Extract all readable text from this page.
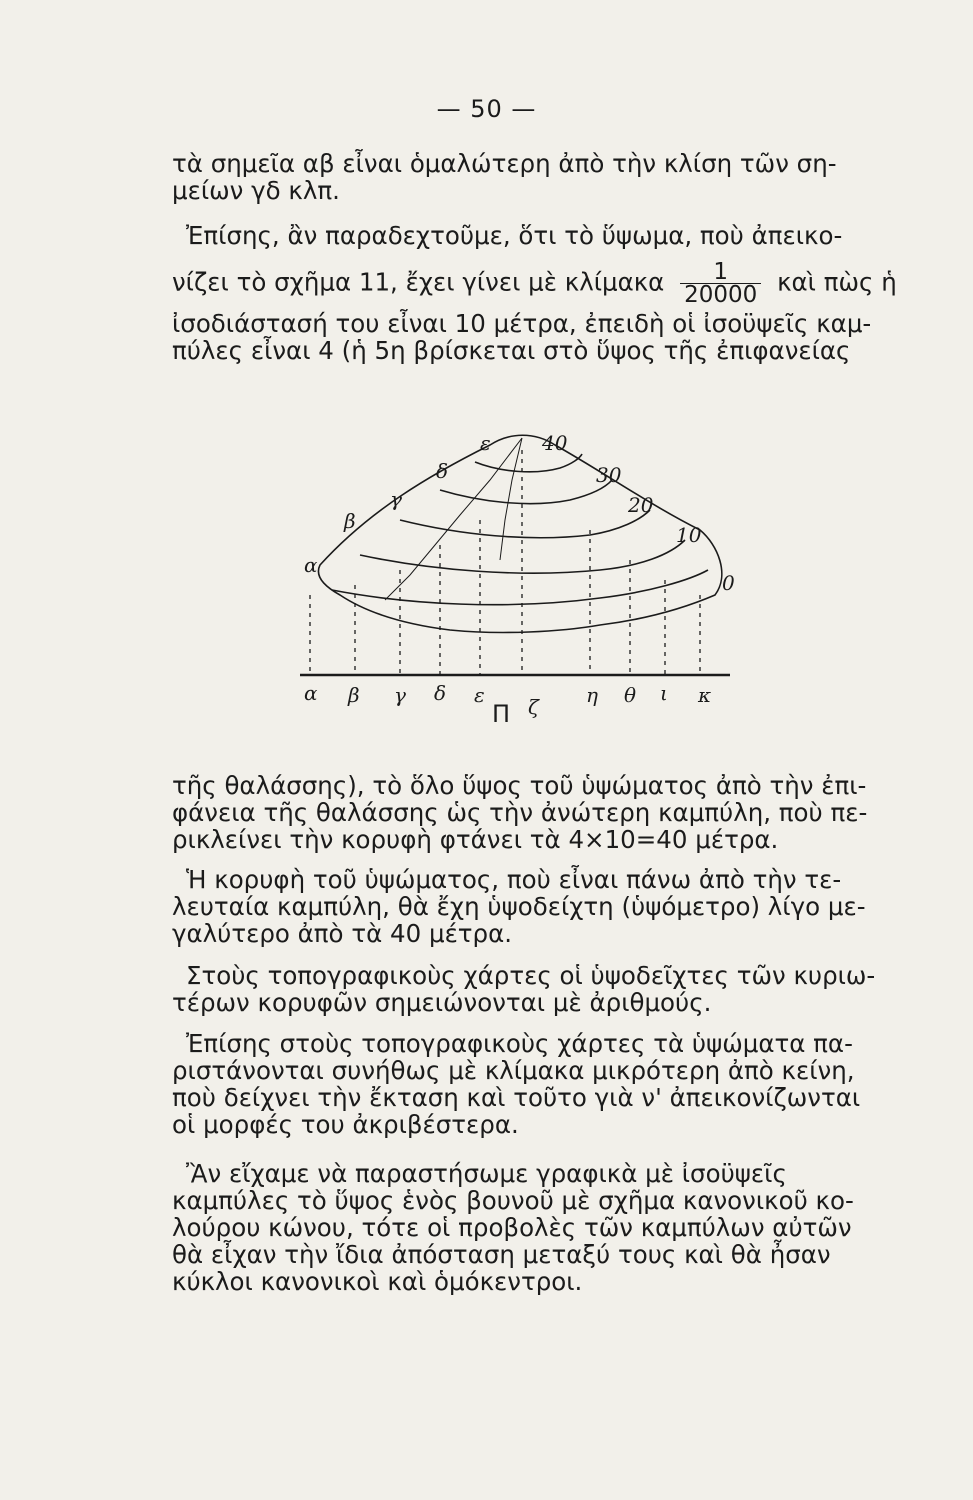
— 50 —
τὰ σημεῖα αβ εἶναι ὁμαλώτερη ἀπὸ τὴν κλίση τῶν ση-
μείων γδ κλπ.
Ἐπίσης, ἂν παραδεχτοῦμε, ὅτι τὸ ὕψωμα, ποὺ ἀπεικο-
νίζει τὸ σχῆμα 11, ἔχει γίνει μὲ κλίμακα $\frac{1}{20000}$ καὶ πὼς ἡ
ἰσοδιάστασή του εἶναι 10 μέτρα, ἐπειδὴ οἱ ἰσοϋψεῖς καμ-
πύλες εἶναι 4 (ἡ 5η βρίσκεται στὸ ὕψος τῆς ἐπιφανείας
40
30
20
10
0
ε
δ
γ
β
α
α β γ δ ε ζ η θ ι κ
Π
τῆς θαλάσσης), τὸ ὅλο ὕψος τοῦ ὑψώματος ἀπὸ τὴν ἐπι-
φάνεια τῆς θαλάσσης ὡς τὴν ἀνώτερη καμπύλη, ποὺ πε-
ρικλείνει τὴν κορυφὴ φτάνει τὰ 4×10=40 μέτρα.
Ἡ κορυφὴ τοῦ ὑψώματος, ποὺ εἶναι πάνω ἀπὸ τὴν τε-
λευταία καμπύλη, θὰ ἔχη ὑψοδείχτη (ὑψόμετρο) λίγο με-
γαλύτερο ἀπὸ τὰ 40 μέτρα.
Στοὺς τοπογραφικοὺς χάρτες οἱ ὑψοδεῖχτες τῶν κυριω-
τέρων κορυφῶν σημειώνονται μὲ ἀριθμούς.
Ἐπίσης στοὺς τοπογραφικοὺς χάρτες τὰ ὑψώματα πα-
ριστάνονται συνήθως μὲ κλίμακα μικρότερη ἀπὸ κείνη,
ποὺ δείχνει τὴν ἔκταση καὶ τοῦτο γιὰ ν' ἀπεικονίζωνται
οἱ μορφές του ἀκριβέστερα.
Ἂν εἴχαμε νὰ παραστήσωμε γραφικὰ μὲ ἰσοϋψεῖς
καμπύλες τὸ ὕψος ἑνὸς βουνοῦ μὲ σχῆμα κανονικοῦ κο-
λούρου κώνου, τότε οἱ προβολὲς τῶν καμπύλων αὐτῶν
θὰ εἶχαν τὴν ἴδια ἀπόσταση μεταξύ τους καὶ θὰ ἦσαν
κύκλοι κανονικοὶ καὶ ὁμόκεντροι.
